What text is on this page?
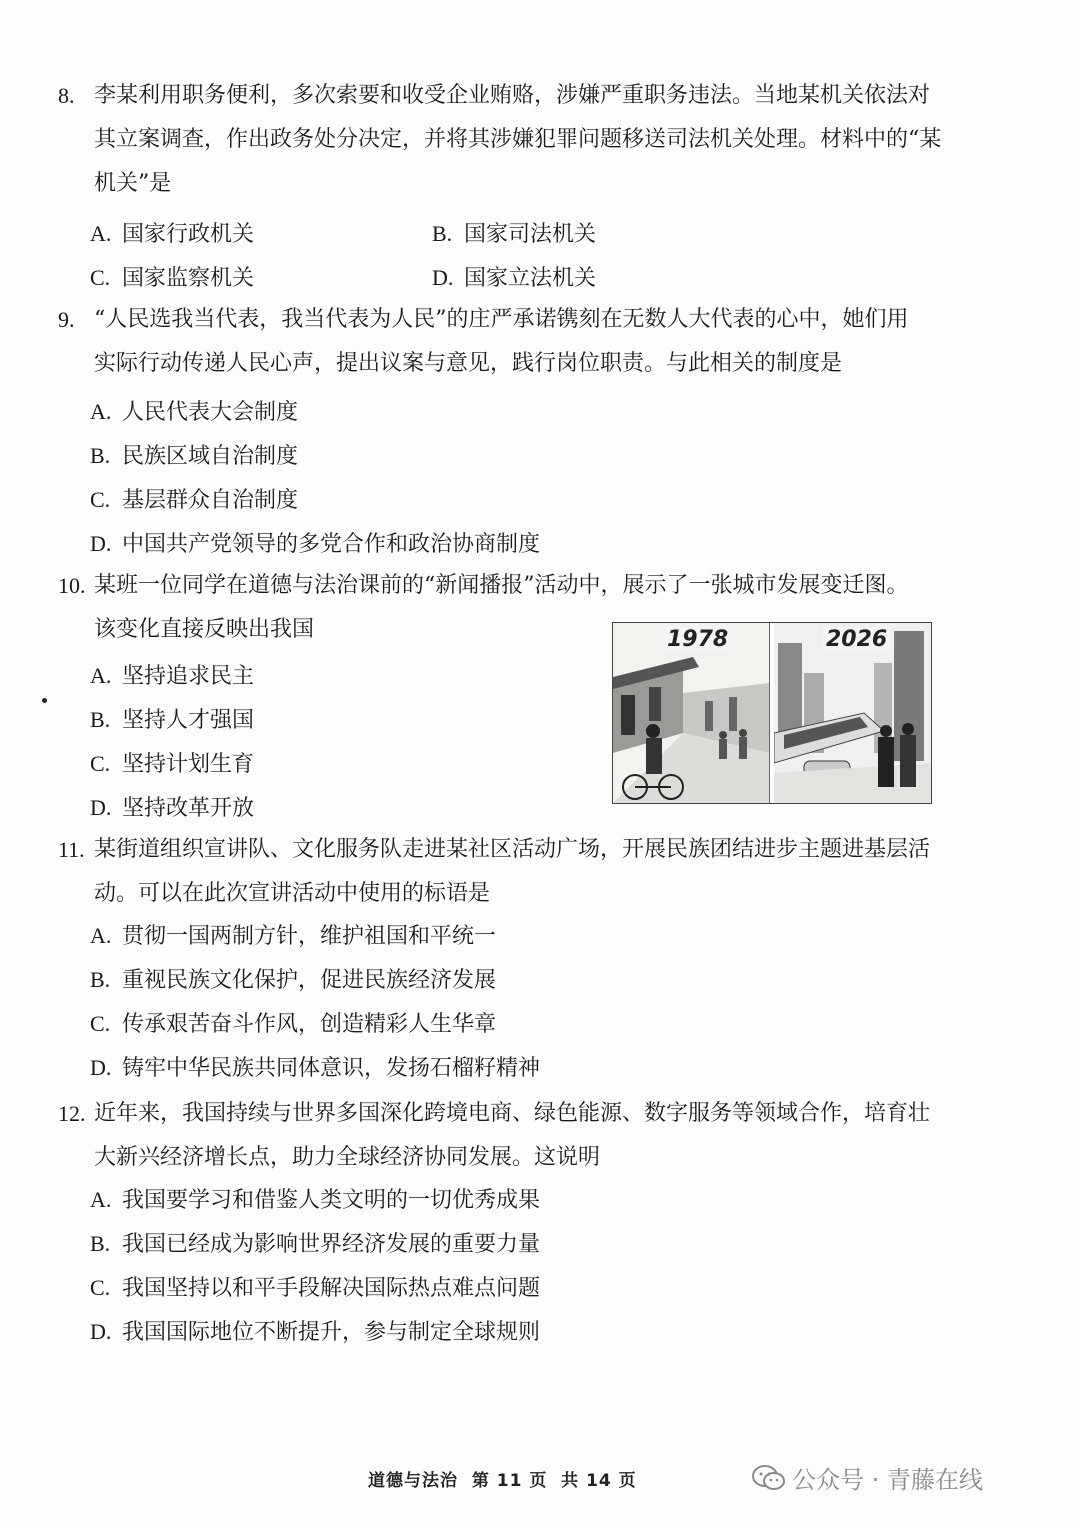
8. 李某利用职务便利，多次索要和收受企业贿赂，涉嫌严重职务违法。当地某机关依法对
其立案调查，作出政务处分决定，并将其涉嫌犯罪问题移送司法机关处理。材料中的“某
机关”是
A. 国家行政机关	B. 国家司法机关
C. 国家监察机关	D. 国家立法机关
9. “人民选我当代表，我当代表为人民”的庄严承诺镌刻在无数人大代表的心中，她们用
实际行动传递人民心声，提出议案与意见，践行岗位职责。与此相关的制度是
A. 人民代表大会制度
B. 民族区域自治制度
C. 基层群众自治制度
D. 中国共产党领导的多党合作和政治协商制度
10. 某班一位同学在道德与法治课前的“新闻播报”活动中，展示了一张城市发展变迁图。
该变化直接反映出我国
A. 坚持追求民主
B. 坚持人才强国
C. 坚持计划生育
D. 坚持改革开放
1978	2026
11. 某街道组织宣讲队、文化服务队走进某社区活动广场，开展民族团结进步主题进基层活
动。可以在此次宣讲活动中使用的标语是
A. 贯彻一国两制方针，维护祖国和平统一
B. 重视民族文化保护，促进民族经济发展
C. 传承艰苦奋斗作风，创造精彩人生华章
D. 铸牢中华民族共同体意识，发扬石榴籽精神
12. 近年来，我国持续与世界多国深化跨境电商、绿色能源、数字服务等领域合作，培育壮
大新兴经济增长点，助力全球经济协同发展。这说明
A. 我国要学习和借鉴人类文明的一切优秀成果
B. 我国已经成为影响世界经济发展的重要力量
C. 我国坚持以和平手段解决国际热点难点问题
D. 我国国际地位不断提升，参与制定全球规则
道德与法治  第 11 页  共 14 页	公众号 · 青藤在线
